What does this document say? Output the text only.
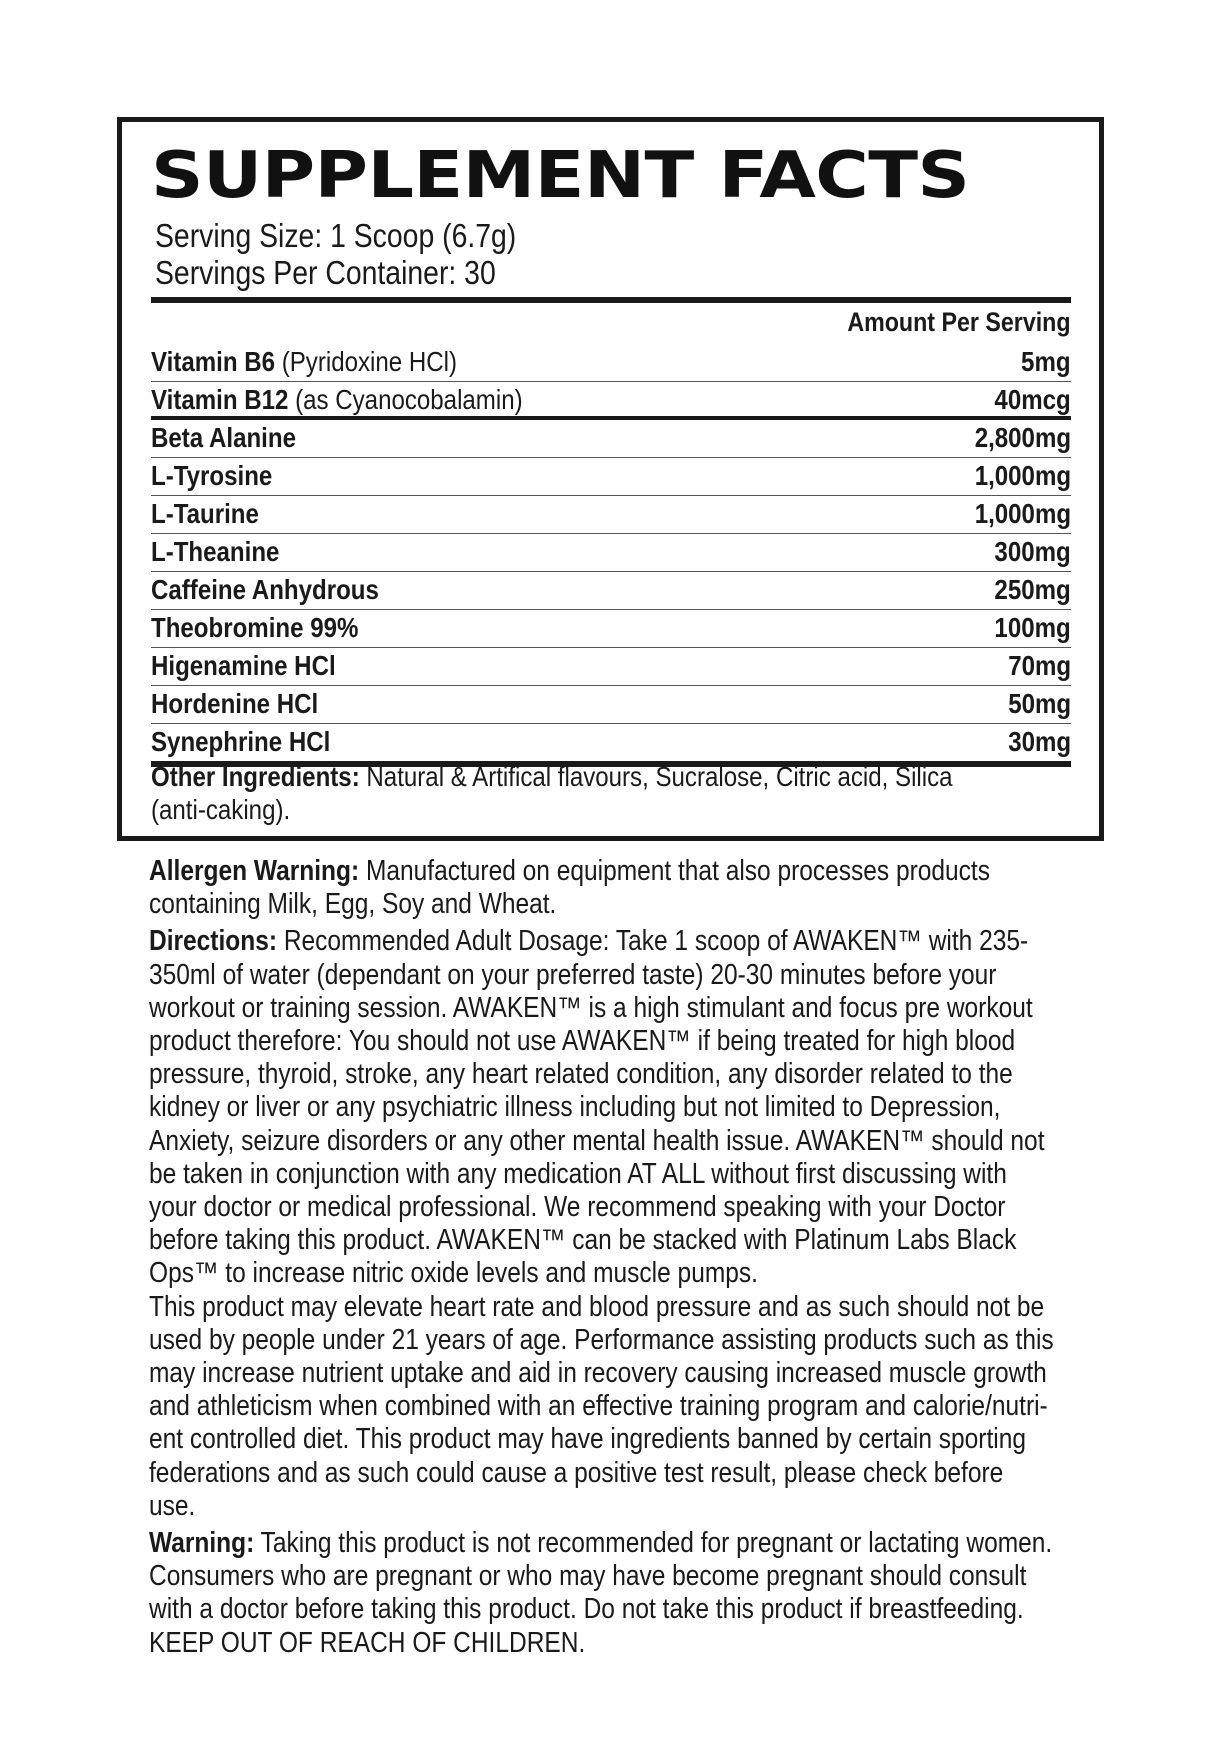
SUPPLEMENT FACTS
Serving Size: 1 Scoop (6.7g)
Servings Per Container: 30
Amount Per Serving
Vitamin B6 (Pyridoxine HCl)	5mg
Vitamin B12 (as Cyanocobalamin)	40mcg
Beta Alanine	2,800mg
L-Tyrosine	1,000mg
L-Taurine	1,000mg
L-Theanine	300mg
Caffeine Anhydrous	250mg
Theobromine 99%	100mg
Higenamine HCl	70mg
Hordenine HCl	50mg
Synephrine HCl	30mg
Other Ingredients: Natural & Artifical flavours, Sucralose, Citric acid, Silica (anti-caking).

Allergen Warning: Manufactured on equipment that also processes products containing Milk, Egg, Soy and Wheat.

Directions: Recommended Adult Dosage: Take 1 scoop of AWAKEN™ with 235-350ml of water (dependant on your preferred taste) 20-30 minutes before your workout or training session. AWAKEN™ is a high stimulant and focus pre workout product therefore: You should not use AWAKEN™ if being treated for high blood pressure, thyroid, stroke, any heart related condition, any disorder related to the kidney or liver or any psychiatric illness including but not limited to Depression, Anxiety, seizure disorders or any other mental health issue. AWAKEN™ should not be taken in conjunction with any medication AT ALL without first discussing with your doctor or medical professional. We recommend speaking with your Doctor before taking this product. AWAKEN™ can be stacked with Platinum Labs Black Ops™ to increase nitric oxide levels and muscle pumps.

This product may elevate heart rate and blood pressure and as such should not be used by people under 21 years of age. Performance assisting products such as this may increase nutrient uptake and aid in recovery causing increased muscle growth and athleticism when combined with an effective training program and calorie/nutri-ent controlled diet. This product may have ingredients banned by certain sporting federations and as such could cause a positive test result, please check before use.

Warning: Taking this product is not recommended for pregnant or lactating women. Consumers who are pregnant or who may have become pregnant should consult with a doctor before taking this product. Do not take this product if breastfeeding. KEEP OUT OF REACH OF CHILDREN.
